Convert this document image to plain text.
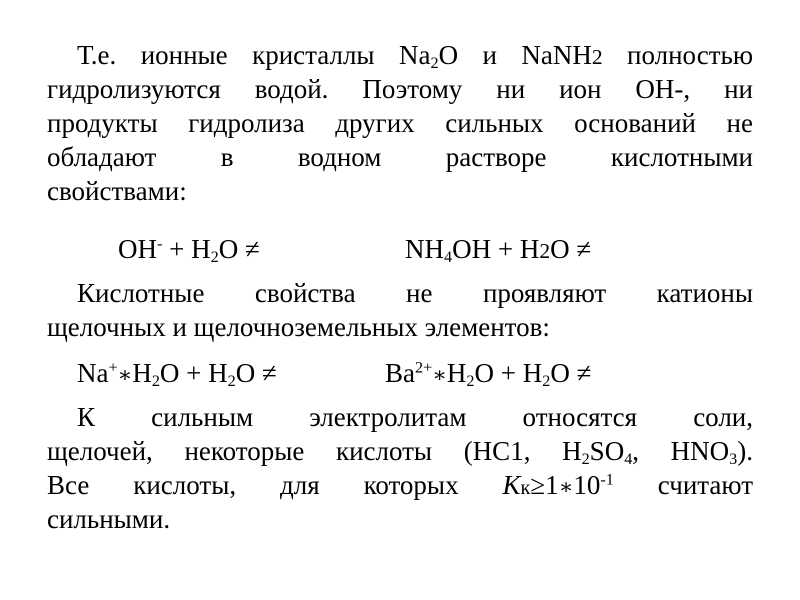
Т.е. ионные кристаллы $Na_2O$ и NaNH2 полностью
гидролизуются водой. Поэтому ни ион OH-, ни
продукты гидролиза других сильных оснований не
обладают в водном растворе кислотными
свойствами:
$OH^- + H_2O$ ≠	$NH_4OH + H2O$ ≠
Кислотные свойства не проявляют катионы
щелочных и щелочноземельных элементов:
$Na^+∗H_2O + H_2O$ ≠	$Ba^{2+}∗H_2O + H_2O$ ≠
К сильным электролитам относятся соли,
щелочей, некоторые кислоты (HC1, $H_2SO_4$, $HNO_3$).
Все кислоты, для которых $Kк\ge 1∗10^{-1}$ считают
сильными.
